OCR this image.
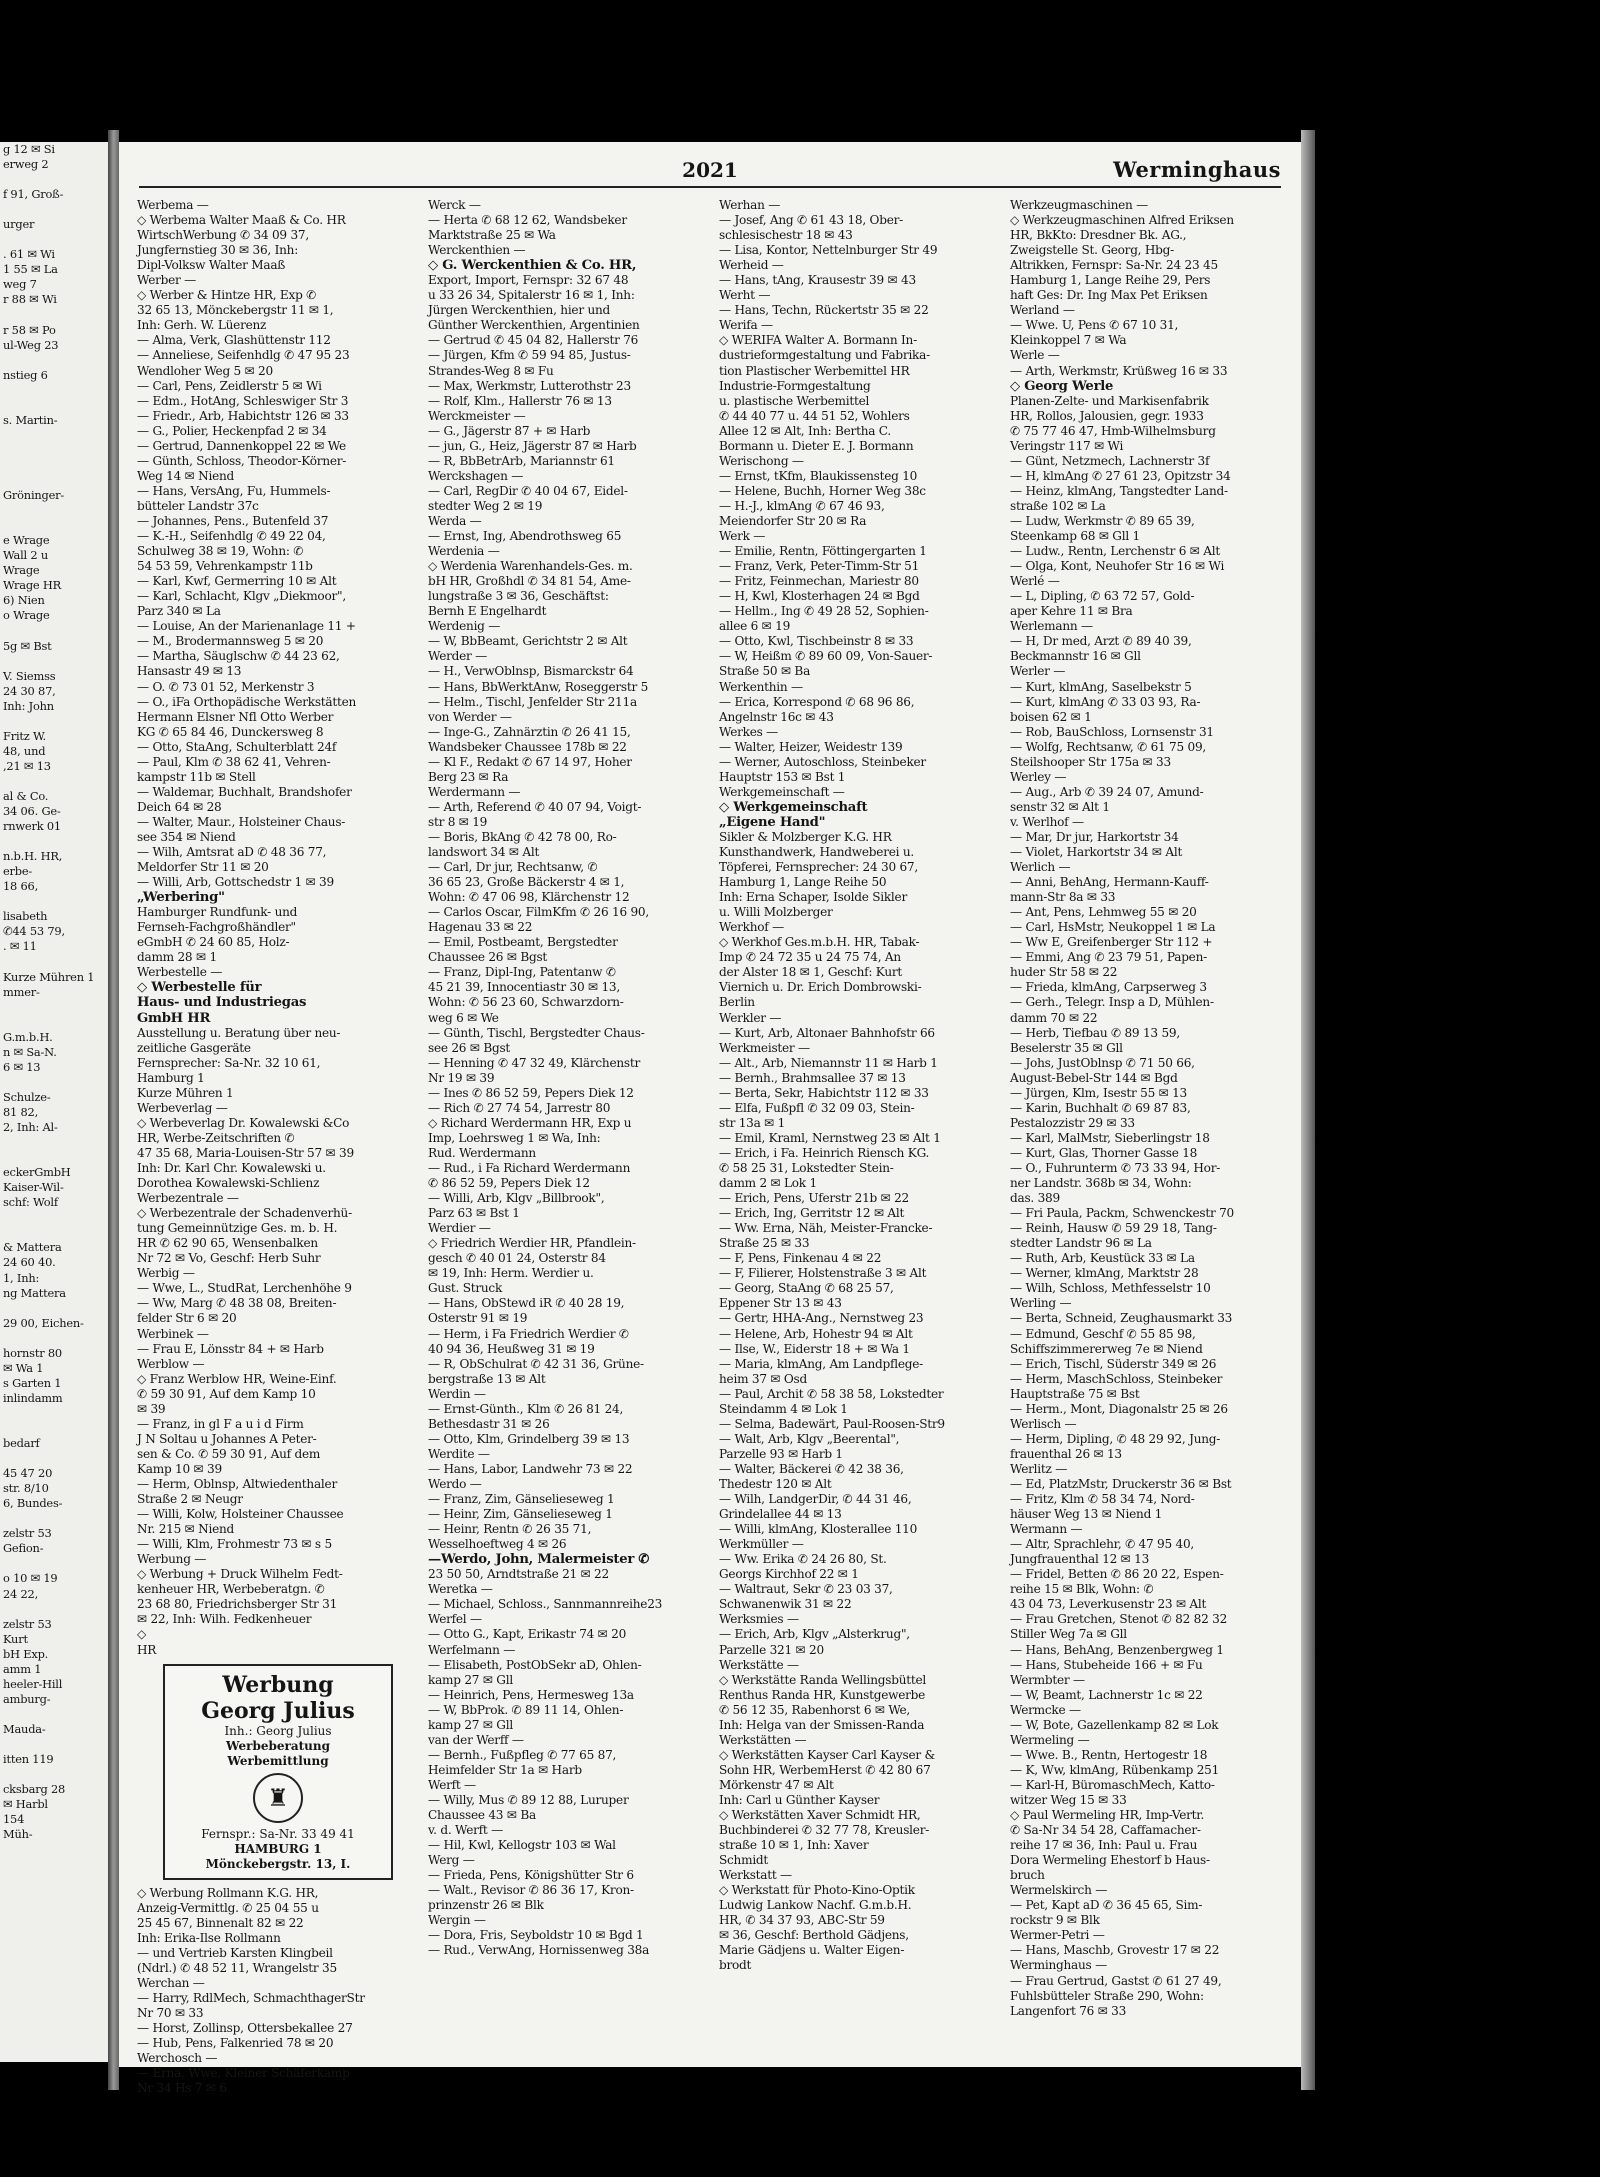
g 12 ✉ Si
erweg 2

f 91, Groß-

urger

. 61 ✉ Wi
1 55 ✉ La
weg 7
r 88 ✉ Wi

r 58 ✉ Po
ul-Weg 23

nstieg 6

s. Martin-

Gröninger-

e Wrage
Wall 2 u
Wrage
Wrage HR
6) Nien
o Wrage

5g ✉ Bst

V. Siemss
24 30 87,
Inh: John

Fritz W.
48, und
,21 ✉ 13

al & Co.
34 06. Ge-
rnwerk 01

n.b.H. HR,
erbe-
18 66,

lisabeth
✆44 53 79,
. ✉ 11

Kurze Mühren 1
mmer-

G.m.b.H.
n ✉ Sa-N.
6 ✉ 13

Schulze-
81 82,
2, Inh: Al-

eckerGmbH
Kaiser-Wil-
schf: Wolf

& Mattera
24 60 40.
1, Inh:
ng Mattera

29 00, Eichen-

hornstr 80
✉ Wa 1
s Garten 1
inlindamm

bedarf

45 47 20
str. 8/10
6, Bundes-

zelstr 53
Gefion-

o 10 ✉ 19
24 22,

zelstr 53
Kurt
bH Exp.
amm 1
heeler-Hill
amburg-

Mauda-

itten 119

cksbarg 28
✉ Harbl
154
Müh-
2021	Werminghaus
Werbema —
◇ Werbema Walter Maaß & Co. HR
WirtschWerbung ✆ 34 09 37,
Jungfernstieg 30 ✉ 36, Inh:
Dipl-Volksw Walter Maaß
Werber —
◇ Werber & Hintze HR, Exp ✆
32 65 13, Mönckebergstr 11 ✉ 1,
Inh: Gerh. W. Lüerenz
— Alma, Verk, Glashüttenstr 112
— Anneliese, Seifenhdlg ✆ 47 95 23
Wendloher Weg 5 ✉ 20
— Carl, Pens, Zeidlerstr 5 ✉ Wi
— Edm., HotAng, Schleswiger Str 3
— Friedr., Arb, Habichtstr 126 ✉ 33
— G., Polier, Heckenpfad 2 ✉ 34
— Gertrud, Dannenkoppel 22 ✉ We
— Günth, Schloss, Theodor-Körner-
Weg 14 ✉ Niend
— Hans, VersAng, Fu, Hummels-
bütteler Landstr 37c
— Johannes, Pens., Butenfeld 37
— K.-H., Seifenhdlg ✆ 49 22 04,
Schulweg 38 ✉ 19, Wohn: ✆
54 53 59, Vehrenkampstr 11b
— Karl, Kwf, Germerring 10 ✉ Alt
— Karl, Schlacht, Klgv „Diekmoor",
Parz 340 ✉ La
— Louise, An der Marienanlage 11 +
— M., Brodermannsweg 5 ✉ 20
— Martha, Säuglschw ✆ 44 23 62,
Hansastr 49 ✉ 13
— O. ✆ 73 01 52, Merkenstr 3
— O., iFa Orthopädische Werkstätten
Hermann Elsner Nfl Otto Werber
KG ✆ 65 84 46, Dunckersweg 8
— Otto, StaAng, Schulterblatt 24f
— Paul, Klm ✆ 38 62 41, Vehren-
kampstr 11b ✉ Stell
— Waldemar, Buchhalt, Brandshofer
Deich 64 ✉ 28
— Walter, Maur., Holsteiner Chaus-
see 354 ✉ Niend
— Wilh, Amtsrat aD ✆ 48 36 77,
Meldorfer Str 11 ✉ 20
— Willi, Arb, Gottschedstr 1 ✉ 39
„Werbering"
Hamburger Rundfunk- und
Fernseh-Fachgroßhändler"
eGmbH ✆ 24 60 85, Holz-
damm 28 ✉ 1
Werbestelle —
◇ Werbestelle für
Haus- und Industriegas
GmbH HR
Ausstellung u. Beratung über neu-
zeitliche Gasgeräte
Fernsprecher: Sa-Nr. 32 10 61,
Hamburg 1
Kurze Mühren 1
Werbeverlag —
◇ Werbeverlag Dr. Kowalewski &Co
HR, Werbe-Zeitschriften ✆
47 35 68, Maria-Louisen-Str 57 ✉ 39
Inh: Dr. Karl Chr. Kowalewski u.
Dorothea Kowalewski-Schlienz
Werbezentrale —
◇ Werbezentrale der Schadenverhü-
tung Gemeinnützige Ges. m. b. H.
HR ✆ 62 90 65, Wensenbalken
Nr 72 ✉ Vo, Geschf: Herb Suhr
Werbig —
— Wwe, L., StudRat, Lerchenhöhe 9
— Ww, Marg ✆ 48 38 08, Breiten-
felder Str 6 ✉ 20
Werbinek —
— Frau E, Lönsstr 84 + ✉ Harb
Werblow —
◇ Franz Werblow HR, Weine-Einf.
✆ 59 30 91, Auf dem Kamp 10
✉ 39
— Franz, in gl F a u i d Firm
J N Soltau u Johannes A Peter-
sen & Co. ✆ 59 30 91, Auf dem
Kamp 10 ✉ 39
— Herm, Oblnsp, Altwiedenthaler
Straße 2 ✉ Neugr
— Willi, Kolw, Holsteiner Chaussee
Nr. 215 ✉ Niend
— Willi, Klm, Frohmestr 73 ✉ s 5
Werbung —
◇ Werbung + Druck Wilhelm Fedt-
kenheuer HR, Werbeberatgn. ✆
23 68 80, Friedrichsberger Str 31
✉ 22, Inh: Wilh. Fedkenheuer
◇
HR
Werbung
Georg Julius
Inh.: Georg Julius
Werbeberatung
Werbemittlung
♜
Fernspr.: Sa-Nr. 33 49 41
HAMBURG 1
Mönckebergstr. 13, I.
◇ Werbung Rollmann K.G. HR,
Anzeig-Vermittlg. ✆ 25 04 55 u
25 45 67, Binnenalt 82 ✉ 22
Inh: Erika-Ilse Rollmann
— und Vertrieb Karsten Klingbeil
(Ndrl.) ✆ 48 52 11, Wrangelstr 35
Werchan —
— Harry, RdlMech, SchmachthagerStr
Nr 70 ✉ 33
— Horst, Zollinsp, Ottersbekallee 27
— Hub, Pens, Falkenried 78 ✉ 20
Werchosch —
— Erna, Wwe, Kleiner Schäferkamp
Nr 34 Hs 7 ✉ 6
Werck —
— Herta ✆ 68 12 62, Wandsbeker
Marktstraße 25 ✉ Wa
Werckenthien —
◇ G. Werckenthien & Co. HR,
Export, Import, Fernspr: 32 67 48
u 33 26 34, Spitalerstr 16 ✉ 1, Inh:
Jürgen Werckenthien, hier und
Günther Werckenthien, Argentinien
— Gertrud ✆ 45 04 82, Hallerstr 76
— Jürgen, Kfm ✆ 59 94 85, Justus-
Strandes-Weg 8 ✉ Fu
— Max, Werkmstr, Lutterothstr 23
— Rolf, Klm., Hallerstr 76 ✉ 13
Werckmeister —
— G., Jägerstr 87 + ✉ Harb
— jun, G., Heiz, Jägerstr 87 ✉ Harb
— R, BbBetrArb, Mariannstr 61
Werckshagen —
— Carl, RegDir ✆ 40 04 67, Eidel-
stedter Weg 2 ✉ 19
Werda —
— Ernst, Ing, Abendrothsweg 65
Werdenia —
◇ Werdenia Warenhandels-Ges. m.
bH HR, Großhdl ✆ 34 81 54, Ame-
lungstraße 3 ✉ 36, Geschäftst:
Bernh E Engelhardt
Werdenig —
— W, BbBeamt, Gerichtstr 2 ✉ Alt
Werder —
— H., VerwOblnsp, Bismarckstr 64
— Hans, BbWerktAnw, Roseggerstr 5
— Helm., Tischl, Jenfelder Str 211a
von Werder —
— Inge-G., Zahnärztin ✆ 26 41 15,
Wandsbeker Chaussee 178b ✉ 22
— Kl F., Redakt ✆ 67 14 97, Hoher
Berg 23 ✉ Ra
Werdermann —
— Arth, Referend ✆ 40 07 94, Voigt-
str 8 ✉ 19
— Boris, BkAng ✆ 42 78 00, Ro-
landswort 34 ✉ Alt
— Carl, Dr jur, Rechtsanw, ✆
36 65 23, Große Bäckerstr 4 ✉ 1,
Wohn: ✆ 47 06 98, Klärchenstr 12
— Carlos Oscar, FilmKfm ✆ 26 16 90,
Hagenau 33 ✉ 22
— Emil, Postbeamt, Bergstedter
Chaussee 26 ✉ Bgst
— Franz, Dipl-Ing, Patentanw ✆
45 21 39, Innocentiastr 30 ✉ 13,
Wohn: ✆ 56 23 60, Schwarzdorn-
weg 6 ✉ We
— Günth, Tischl, Bergstedter Chaus-
see 26 ✉ Bgst
— Henning ✆ 47 32 49, Klärchenstr
Nr 19 ✉ 39
— Ines ✆ 86 52 59, Pepers Diek 12
— Rich ✆ 27 74 54, Jarrestr 80
◇ Richard Werdermann HR, Exp u
Imp, Loehrsweg 1 ✉ Wa, Inh:
Rud. Werdermann
— Rud., i Fa Richard Werdermann
✆ 86 52 59, Pepers Diek 12
— Willi, Arb, Klgv „Billbrook",
Parz 63 ✉ Bst 1
Werdier —
◇ Friedrich Werdier HR, Pfandlein-
gesch ✆ 40 01 24, Osterstr 84
✉ 19, Inh: Herm. Werdier u.
Gust. Struck
— Hans, ObStewd iR ✆ 40 28 19,
Osterstr 91 ✉ 19
— Herm, i Fa Friedrich Werdier ✆
40 94 36, Heußweg 31 ✉ 19
— R, ObSchulrat ✆ 42 31 36, Grüne-
bergstraße 13 ✉ Alt
Werdin —
— Ernst-Günth., Klm ✆ 26 81 24,
Bethesdastr 31 ✉ 26
— Otto, Klm, Grindelberg 39 ✉ 13
Werdite —
— Hans, Labor, Landwehr 73 ✉ 22
Werdo —
— Franz, Zim, Gänselieseweg 1
— Heinr, Zim, Gänselieseweg 1
— Heinr, Rentn ✆ 26 35 71,
Wesselhoeftweg 4 ✉ 26
—Werdo, John, Malermeister ✆
23 50 50, Arndtstraße 21 ✉ 22
Weretka —
— Michael, Schloss., Sannmannreihe23
Werfel —
— Otto G., Kapt, Erikastr 74 ✉ 20
Werfelmann —
— Elisabeth, PostObSekr aD, Ohlen-
kamp 27 ✉ Gll
— Heinrich, Pens, Hermesweg 13a
— W, BbProk. ✆ 89 11 14, Ohlen-
kamp 27 ✉ Gll
van der Werff —
— Bernh., Fußpfleg ✆ 77 65 87,
Heimfelder Str 1a ✉ Harb
Werft —
— Willy, Mus ✆ 89 12 88, Luruper
Chaussee 43 ✉ Ba
v. d. Werft —
— Hil, Kwl, Kellogstr 103 ✉ Wal
Werg —
— Frieda, Pens, Königshütter Str 6
— Walt., Revisor ✆ 86 36 17, Kron-
prinzenstr 26 ✉ Blk
Wergin —
— Dora, Fris, Seyboldstr 10 ✉ Bgd 1
— Rud., VerwAng, Hornissenweg 38a
Werhan —
— Josef, Ang ✆ 61 43 18, Ober-
schlesischestr 18 ✉ 43
— Lisa, Kontor, Nettelnburger Str 49
Werheid —
— Hans, tAng, Krausestr 39 ✉ 43
Werht —
— Hans, Techn, Rückertstr 35 ✉ 22
Werifa —
◇ WERIFA Walter A. Bormann In-
dustrieformgestaltung und Fabrika-
tion Plastischer Werbemittel HR
Industrie-Formgestaltung
u. plastische Werbemittel
✆ 44 40 77 u. 44 51 52, Wohlers
Allee 12 ✉ Alt, Inh: Bertha C.
Bormann u. Dieter E. J. Bormann
Werischong —
— Ernst, tKfm, Blaukissensteg 10
— Helene, Buchh, Horner Weg 38c
— H.-J., klmAng ✆ 67 46 93,
Meiendorfer Str 20 ✉ Ra
Werk —
— Emilie, Rentn, Föttingergarten 1
— Franz, Verk, Peter-Timm-Str 51
— Fritz, Feinmechan, Mariestr 80
— H, Kwl, Klosterhagen 24 ✉ Bgd
— Hellm., Ing ✆ 49 28 52, Sophien-
allee 6 ✉ 19
— Otto, Kwl, Tischbeinstr 8 ✉ 33
— W, Heißm ✆ 89 60 09, Von-Sauer-
Straße 50 ✉ Ba
Werkenthin —
— Erica, Korrespond ✆ 68 96 86,
Angelnstr 16c ✉ 43
Werkes —
— Walter, Heizer, Weidestr 139
— Werner, Autoschloss, Steinbeker
Hauptstr 153 ✉ Bst 1
Werkgemeinschaft —
◇ Werkgemeinschaft
„Eigene Hand"
Sikler & Molzberger K.G. HR
Kunsthandwerk, Handweberei u.
Töpferei, Fernsprecher: 24 30 67,
Hamburg 1, Lange Reihe 50
Inh: Erna Schaper, Isolde Sikler
u. Willi Molzberger
Werkhof —
◇ Werkhof Ges.m.b.H. HR, Tabak-
Imp ✆ 24 72 35 u 24 75 74, An
der Alster 18 ✉ 1, Geschf: Kurt
Viernich u. Dr. Erich Dombrowski-
Berlin
Werkler —
— Kurt, Arb, Altonaer Bahnhofstr 66
Werkmeister —
— Alt., Arb, Niemannstr 11 ✉ Harb 1
— Bernh., Brahmsallee 37 ✉ 13
— Berta, Sekr, Habichtstr 112 ✉ 33
— Elfa, Fußpfl ✆ 32 09 03, Stein-
str 13a ✉ 1
— Emil, Kraml, Nernstweg 23 ✉ Alt 1
— Erich, i Fa. Heinrich Riensch KG.
✆ 58 25 31, Lokstedter Stein-
damm 2 ✉ Lok 1
— Erich, Pens, Uferstr 21b ✉ 22
— Erich, Ing, Gerritstr 12 ✉ Alt
— Ww. Erna, Näh, Meister-Francke-
Straße 25 ✉ 33
— F, Pens, Finkenau 4 ✉ 22
— F, Filierer, Holstenstraße 3 ✉ Alt
— Georg, StaAng ✆ 68 25 57,
Eppener Str 13 ✉ 43
— Gertr, HHA-Ang., Nernstweg 23
— Helene, Arb, Hohestr 94 ✉ Alt
— Ilse, W., Eiderstr 18 + ✉ Wa 1
— Maria, klmAng, Am Landpflege-
heim 37 ✉ Osd
— Paul, Archit ✆ 58 38 58, Lokstedter
Steindamm 4 ✉ Lok 1
— Selma, Badewärt, Paul-Roosen-Str9
— Walt, Arb, Klgv „Beerental",
Parzelle 93 ✉ Harb 1
— Walter, Bäckerei ✆ 42 38 36,
Thedestr 120 ✉ Alt
— Wilh, LandgerDir, ✆ 44 31 46,
Grindelallee 44 ✉ 13
— Willi, klmAng, Klosterallee 110
Werkmüller —
— Ww. Erika ✆ 24 26 80, St.
Georgs Kirchhof 22 ✉ 1
— Waltraut, Sekr ✆ 23 03 37,
Schwanenwik 31 ✉ 22
Werksmies —
— Erich, Arb, Klgv „Alsterkrug",
Parzelle 321 ✉ 20
Werkstätte —
◇ Werkstätte Randa Wellingsbüttel
Renthus Randa HR, Kunstgewerbe
✆ 56 12 35, Rabenhorst 6 ✉ We,
Inh: Helga van der Smissen-Randa
Werkstätten —
◇ Werkstätten Kayser Carl Kayser &
Sohn HR, WerbemHerst ✆ 42 80 67
Mörkenstr 47 ✉ Alt
Inh: Carl u Günther Kayser
◇ Werkstätten Xaver Schmidt HR,
Buchbinderei ✆ 32 77 78, Kreusler-
straße 10 ✉ 1, Inh: Xaver
Schmidt
Werkstatt —
◇ Werkstatt für Photo-Kino-Optik
Ludwig Lankow Nachf. G.m.b.H.
HR, ✆ 34 37 93, ABC-Str 59
✉ 36, Geschf: Berthold Gädjens,
Marie Gädjens u. Walter Eigen-
brodt
Werkzeugmaschinen —
◇ Werkzeugmaschinen Alfred Eriksen
HR, BkKto: Dresdner Bk. AG.,
Zweigstelle St. Georg, Hbg-
Altrikken, Fernspr: Sa-Nr. 24 23 45
Hamburg 1, Lange Reihe 29, Pers
haft Ges: Dr. Ing Max Pet Eriksen
Werland —
— Wwe. U, Pens ✆ 67 10 31,
Kleinkoppel 7 ✉ Wa
Werle —
— Arth, Werkmstr, Krüßweg 16 ✉ 33
◇ Georg Werle
Planen-Zelte- und Markisenfabrik
HR, Rollos, Jalousien, gegr. 1933
✆ 75 77 46 47, Hmb-Wilhelmsburg
Veringstr 117 ✉ Wi
— Günt, Netzmech, Lachnerstr 3f
— H, klmAng ✆ 27 61 23, Opitzstr 34
— Heinz, klmAng, Tangstedter Land-
straße 102 ✉ La
— Ludw, Werkmstr ✆ 89 65 39,
Steenkamp 68 ✉ Gll 1
— Ludw., Rentn, Lerchenstr 6 ✉ Alt
— Olga, Kont, Neuhofer Str 16 ✉ Wi
Werlé —
— L, Dipling, ✆ 63 72 57, Gold-
aper Kehre 11 ✉ Bra
Werlemann —
— H, Dr med, Arzt ✆ 89 40 39,
Beckmannstr 16 ✉ Gll
Werler —
— Kurt, klmAng, Saselbekstr 5
— Kurt, klmAng ✆ 33 03 93, Ra-
boisen 62 ✉ 1
— Rob, BauSchloss, Lornsenstr 31
— Wolfg, Rechtsanw, ✆ 61 75 09,
Steilshooper Str 175a ✉ 33
Werley —
— Aug., Arb ✆ 39 24 07, Amund-
senstr 32 ✉ Alt 1
v. Werlhof —
— Mar, Dr jur, Harkortstr 34
— Violet, Harkortstr 34 ✉ Alt
Werlich —
— Anni, BehAng, Hermann-Kauff-
mann-Str 8a ✉ 33
— Ant, Pens, Lehmweg 55 ✉ 20
— Carl, HsMstr, Neukoppel 1 ✉ La
— Ww E, Greifenberger Str 112 +
— Emmi, Ang ✆ 23 79 51, Papen-
huder Str 58 ✉ 22
— Frieda, klmAng, Carpserweg 3
— Gerh., Telegr. Insp a D, Mühlen-
damm 70 ✉ 22
— Herb, Tiefbau ✆ 89 13 59,
Beselerstr 35 ✉ Gll
— Johs, JustOblnsp ✆ 71 50 66,
August-Bebel-Str 144 ✉ Bgd
— Jürgen, Klm, Isestr 55 ✉ 13
— Karin, Buchhalt ✆ 69 87 83,
Pestalozzistr 29 ✉ 33
— Karl, MalMstr, Sieberlingstr 18
— Kurt, Glas, Thorner Gasse 18
— O., Fuhrunterm ✆ 73 33 94, Hor-
ner Landstr. 368b ✉ 34, Wohn:
das. 389
— Fri Paula, Packm, Schwenckestr 70
— Reinh, Hausw ✆ 59 29 18, Tang-
stedter Landstr 96 ✉ La
— Ruth, Arb, Keustück 33 ✉ La
— Werner, klmAng, Marktstr 28
— Wilh, Schloss, Methfesselstr 10
Werling —
— Berta, Schneid, Zeughausmarkt 33
— Edmund, Geschf ✆ 55 85 98,
Schiffszimmererweg 7e ✉ Niend
— Erich, Tischl, Süderstr 349 ✉ 26
— Herm, MaschSchloss, Steinbeker
Hauptstraße 75 ✉ Bst
— Herm., Mont, Diagonalstr 25 ✉ 26
Werlisch —
— Herm, Dipling, ✆ 48 29 92, Jung-
frauenthal 26 ✉ 13
Werlitz —
— Ed, PlatzMstr, Druckerstr 36 ✉ Bst
— Fritz, Klm ✆ 58 34 74, Nord-
häuser Weg 13 ✉ Niend 1
Wermann —
— Altr, Sprachlehr, ✆ 47 95 40,
Jungfrauenthal 12 ✉ 13
— Fridel, Betten ✆ 86 20 22, Espen-
reihe 15 ✉ Blk, Wohn: ✆
43 04 73, Leverkusenstr 23 ✉ Alt
— Frau Gretchen, Stenot ✆ 82 82 32
Stiller Weg 7a ✉ Gll
— Hans, BehAng, Benzenbergweg 1
— Hans, Stubeheide 166 + ✉ Fu
Wermbter —
— W, Beamt, Lachnerstr 1c ✉ 22
Wermcke —
— W, Bote, Gazellenkamp 82 ✉ Lok
Wermeling —
— Wwe. B., Rentn, Hertogestr 18
— K, Ww, klmAng, Rübenkamp 251
— Karl-H, BüromaschMech, Katto-
witzer Weg 15 ✉ 33
◇ Paul Wermeling HR, Imp-Vertr.
✆ Sa-Nr 34 54 28, Caffamacher-
reihe 17 ✉ 36, Inh: Paul u. Frau
Dora Wermeling Ehestorf b Haus-
bruch
Wermelskirch —
— Pet, Kapt aD ✆ 36 45 65, Sim-
rockstr 9 ✉ Blk
Wermer-Petri —
— Hans, Maschb, Grovestr 17 ✉ 22
Werminghaus —
— Frau Gertrud, Gastst ✆ 61 27 49,
Fuhlsbütteler Straße 290, Wohn:
Langenfort 76 ✉ 33
